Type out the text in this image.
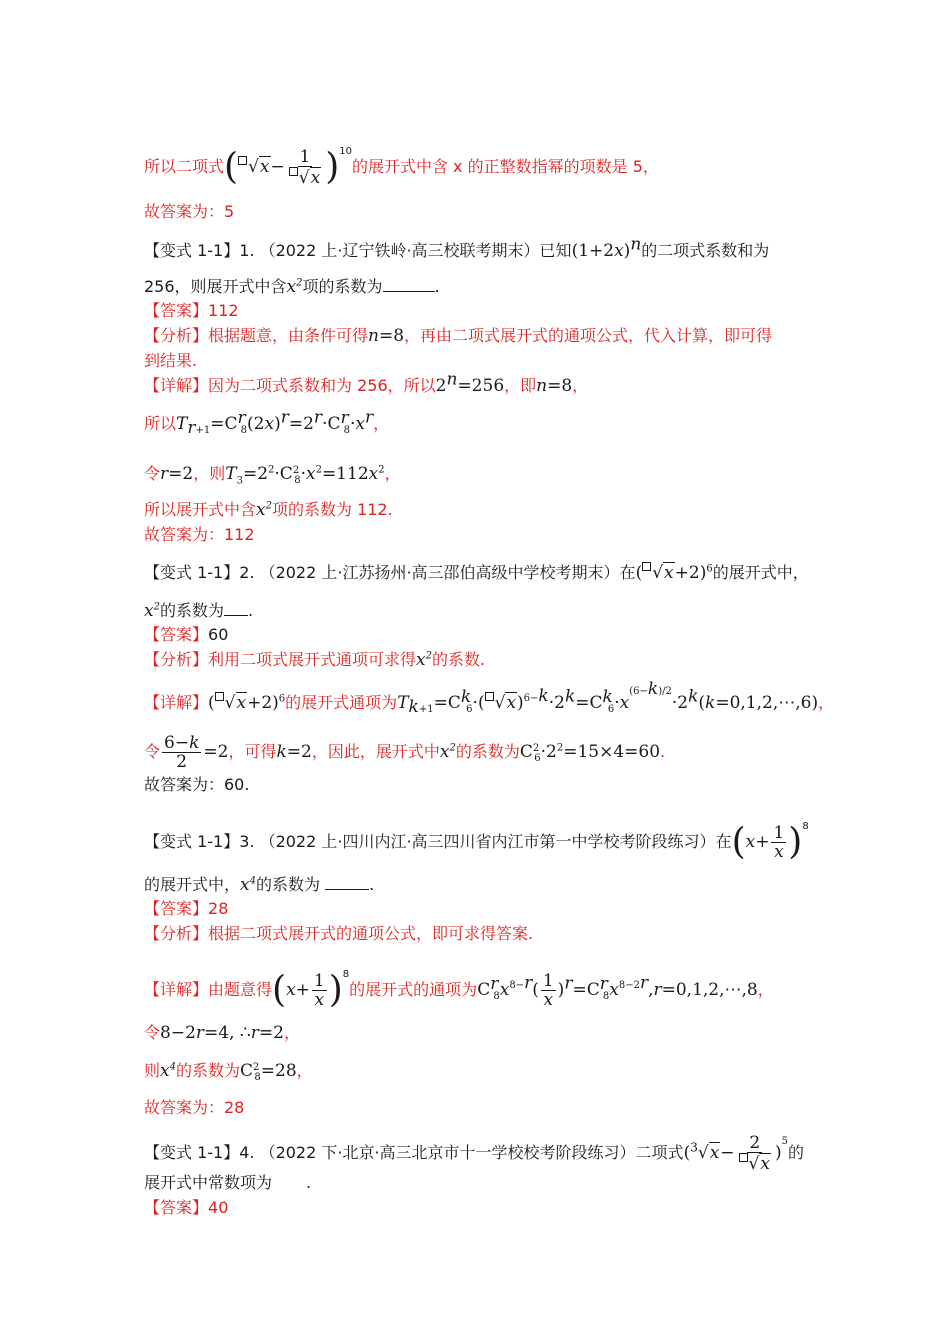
所以二项式( $√x- \frac{1}{√x} )^{10}$的展开式中含 x 的正整数指幂的项数是 5，
故答案为：5
【变式 1-1】1. （2022 上·辽宁铁岭·高三校联考期末）已知$(1+2x)^n$的二项式系数和为
256，则展开式中含$x^2$项的系数为	.
【答案】112
【分析】根据题意，由条件可得n=8，再由二项式展开式的通项公式，代入计算，即可得
到结果.
【详解】因为二项式系数和为 256，所以$2^n=256$，即n=8，
所以$T_{r+1}=C^r_8(2x)^r=2^r\cdot C^r_8\cdot x^r$，
令r=2，则$T_3=2^2\cdot C^2_8\cdot x^2=112x^2$，
所以展开式中含$x^2$项的系数为 112.
故答案为：112
【变式 1-1】2. （2022 上·江苏扬州·高三邵伯高级中学校考期末）在( √x+2)$^6$的展开式中，
$x^2$的系数为 .
【答案】60
【分析】利用二项式展开式通项可求得$x^2$的系数.
【详解】( √x+2)$^6$的展开式通项为$T_{k+1}=C^k_6\cdot$( $√x)^{6-k}\cdot 2^k=C^k_6\cdot x^{(6-k)/2}\cdot 2^k(k=0,1,2,\cdots,6)$，
令 $\frac{6-k}{2} =2$，可得k=2，因此，展开式中$x^2$的系数为$C^2_6\cdot 2^2=15\times 4=60$.
故答案为：60.
【变式 1-1】3. （2022 上·四川内江·高三四川省内江市第一中学校考阶段练习）在$(x+ \frac{1}{x} )^8$
的展开式中，$x^4$的系数为	.
【答案】28
【分析】根据二项式展开式的通项公式，即可求得答案.
【详解】由题意得$(x+ \frac{1}{x} )^8$的展开式的通项为$C^r_8x^{8-r}( \frac{1}{x}$ )$^r=C^r_8x^{8-2r},r=0,1,2,\cdots,8$，
令8−2r=4, ∴r=2，
则$x^4$的系数为$C^2_8=28$，
故答案为：28
【变式 1-1】4. （2022 下·北京·高三北京市十一学校校考阶段练习）二项式$(^3√x- \frac{2}{√x} )^5$的
展开式中常数项为 .
【答案】40
